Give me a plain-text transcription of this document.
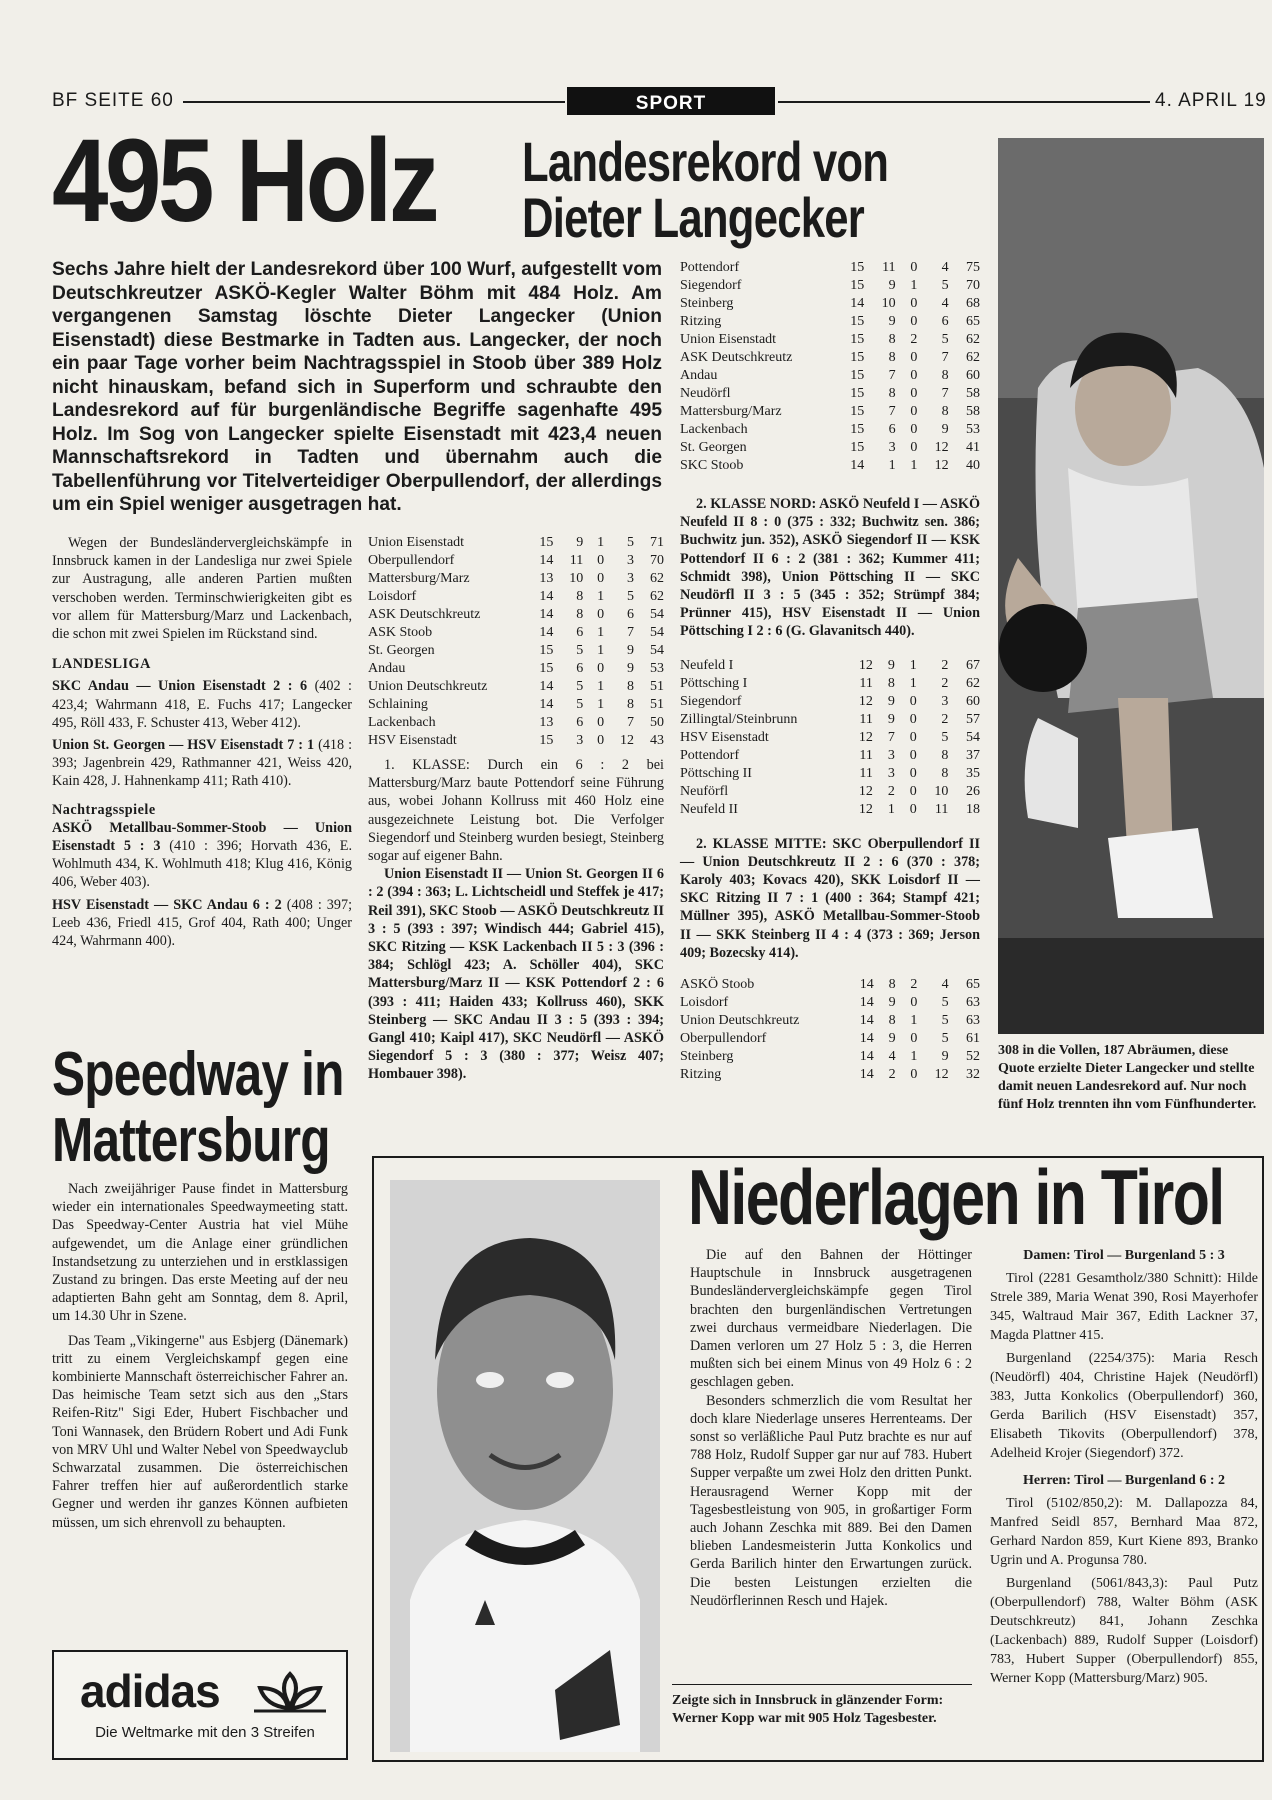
BF SEITE 60	SPORT	4. APRIL 19
495 Holz Landesrekord von
Dieter Langecker
Sechs Jahre hielt der Landesrekord über 100 Wurf, aufgestellt vom Deutschkreutzer ASKÖ-Kegler Walter Böhm mit 484 Holz. Am vergangenen Samstag löschte Dieter Langecker (Union Eisenstadt) diese Bestmarke in Tadten aus. Langecker, der noch ein paar Tage vorher beim Nachtragsspiel in Stoob über 389 Holz nicht hinauskam, befand sich in Superform und schraubte den Landesrekord auf für burgenländische Begriffe sagenhafte 495 Holz. Im Sog von Langecker spielte Eisenstadt mit 423,4 neuen Mannschaftsrekord in Tadten und übernahm auch die Tabellenführung vor Titelverteidiger Oberpullendorf, der allerdings um ein Spiel weniger ausgetragen hat.

Wegen der Bundesländervergleichskämpfe in Innsbruck kamen in der Landesliga nur zwei Spiele zur Austragung, alle anderen Partien mußten verschoben werden. Terminschwierigkeiten gibt es vor allem für Mattersburg/Marz und Lackenbach, die schon mit zwei Spielen im Rückstand sind.

LANDESLIGA

SKC Andau — Union Eisenstadt 2 : 6 (402 : 423,4; Wahrmann 418, E. Fuchs 417; Langecker 495, Röll 433, F. Schuster 413, Weber 412).

Union St. Georgen — HSV Eisenstadt 7 : 1 (418 : 393; Jagenbrein 429, Rathmanner 421, Weiss 420, Kain 428, J. Hahnenkamp 411; Rath 410).

Nachtragsspiele

ASKÖ Metallbau-Sommer-Stoob — Union Eisenstadt 5 : 3 (410 : 396; Horvath 436, E. Wohlmuth 434, K. Wohlmuth 418; Klug 416, König 406, Weber 403).

HSV Eisenstadt — SKC Andau 6 : 2 (408 : 397; Leeb 436, Friedl 415, Grof 404, Rath 400; Unger 424, Wahrmann 400).

Union Eisenstadt	15	9	1	5	71
Oberpullendorf	14	11	0	3	70
Mattersburg/Marz	13	10	0	3	62
Loisdorf	14	8	1	5	62
ASK Deutschkreutz	14	8	0	6	54
ASK Stoob	14	6	1	7	54
St. Georgen	15	5	1	9	54
Andau	15	6	0	9	53
Union Deutschkreutz	14	5	1	8	51
Schlaining	14	5	1	8	51
Lackenbach	13	6	0	7	50
HSV Eisenstadt	15	3	0	12	43

1. KLASSE: Durch ein 6 : 2 bei Mattersburg/Marz baute Pottendorf seine Führung aus, wobei Johann Kollruss mit 460 Holz eine ausgezeichnete Leistung bot. Die Verfolger Siegendorf und Steinberg wurden besiegt, Steinberg sogar auf eigener Bahn.

Union Eisenstadt II — Union St. Georgen II 6 : 2 (394 : 363; L. Lichtscheidl und Steffek je 417; Reil 391), SKC Stoob — ASKÖ Deutschkreutz II 3 : 5 (393 : 397; Windisch 444; Gabriel 415), SKC Ritzing — KSK Lackenbach II 5 : 3 (396 : 384; Schlögl 423; A. Schöller 404), SKC Mattersburg/Marz II — KSK Pottendorf 2 : 6 (393 : 411; Haiden 433; Kollruss 460), SKK Steinberg — SKC Andau II 3 : 5 (393 : 394; Gangl 410; Kaipl 417), SKC Neudörfl — ASKÖ Siegendorf 5 : 3 (380 : 377; Weisz 407; Hombauer 398).

Pottendorf	15	11	0	4	75
Siegendorf	15	9	1	5	70
Steinberg	14	10	0	4	68
Ritzing	15	9	0	6	65
Union Eisenstadt	15	8	2	5	62
ASK Deutschkreutz	15	8	0	7	62
Andau	15	7	0	8	60
Neudörfl	15	8	0	7	58
Mattersburg/Marz	15	7	0	8	58
Lackenbach	15	6	0	9	53
St. Georgen	15	3	0	12	41
SKC Stoob	14	1	1	12	40

2. KLASSE NORD: ASKÖ Neufeld I — ASKÖ Neufeld II 8 : 0 (375 : 332; Buchwitz sen. 386; Buchwitz jun. 352), ASKÖ Siegendorf II — KSK Pottendorf II 6 : 2 (381 : 362; Kummer 411; Schmidt 398), Union Pöttsching II — SKC Neudörfl II 3 : 5 (345 : 352; Strümpf 384; Prünner 415), HSV Eisenstadt II — Union Pöttsching I 2 : 6 (G. Glavanitsch 440).

Neufeld I	12	9	1	2	67
Pöttsching I	11	8	1	2	62
Siegendorf	12	9	0	3	60
Zillingtal/Steinbrunn	11	9	0	2	57
HSV Eisenstadt	12	7	0	5	54
Pottendorf	11	3	0	8	37
Pöttsching II	11	3	0	8	35
Neuförfl	12	2	0	10	26
Neufeld II	12	1	0	11	18

2. KLASSE MITTE: SKC Oberpullendorf II — Union Deutschkreutz II 2 : 6 (370 : 378; Karoly 403; Kovacs 420), SKK Loisdorf II — SKC Ritzing II 7 : 1 (400 : 364; Stampf 421; Müllner 395), ASKÖ Metallbau-Sommer-Stoob II — SKK Steinberg II 4 : 4 (373 : 369; Jerson 409; Bozecsky 414).

ASKÖ Stoob	14	8	2	4	65
Loisdorf	14	9	0	5	63
Union Deutschkreutz	14	8	1	5	63
Oberpullendorf	14	9	0	5	61
Steinberg	14	4	1	9	52
Ritzing	14	2	0	12	32
308 in die Vollen, 187 Abräumen, diese Quote erzielte Dieter Langecker und stellte damit neuen Landesrekord auf. Nur noch fünf Holz trennten ihn vom Fünfhunderter.
Speedway in
Mattersburg

Nach zweijähriger Pause findet in Mattersburg wieder ein internationales Speedwaymeeting statt. Das Speedway-Center Austria hat viel Mühe aufgewendet, um die Anlage einer gründlichen Instandsetzung zu unterziehen und in erstklassigen Zustand zu bringen. Das erste Meeting auf der neu adaptierten Bahn geht am Sonntag, dem 8. April, um 14.30 Uhr in Szene.

Das Team „Vikingerne" aus Esbjerg (Dänemark) tritt zu einem Vergleichskampf gegen eine kombinierte Mannschaft österreichischer Fahrer an. Das heimische Team setzt sich aus den „Stars Reifen-Ritz" Sigi Eder, Hubert Fischbacher und Toni Wannasek, den Brüdern Robert und Adi Funk von MRV Uhl und Walter Nebel von Speedwayclub Schwarzatal zusammen. Die österreichischen Fahrer treffen hier auf außerordentlich starke Gegner und werden ihr ganzes Können aufbieten müssen, um sich ehrenvoll zu behaupten.

adidas
Die Weltmarke mit den 3 Streifen
Zeigte sich in Innsbruck in glänzender Form: Werner Kopp war mit 905 Holz Tagesbester.
Niederlagen in Tirol

Die auf den Bahnen der Höttinger Hauptschule in Innsbruck ausgetragenen Bundesländervergleichskämpfe gegen Tirol brachten den burgenländischen Vertretungen zwei durchaus vermeidbare Niederlagen. Die Damen verloren um 27 Holz 5 : 3, die Herren mußten sich bei einem Minus von 49 Holz 6 : 2 geschlagen geben.

Besonders schmerzlich die vom Resultat her doch klare Niederlage unseres Herrenteams. Der sonst so verläßliche Paul Putz brachte es nur auf 788 Holz, Rudolf Supper gar nur auf 783. Hubert Supper verpaßte um zwei Holz den dritten Punkt. Herausragend Werner Kopp mit der Tagesbestleistung von 905, in großartiger Form auch Johann Zeschka mit 889. Bei den Damen blieben Landesmeisterin Jutta Konkolics und Gerda Barilich hinter den Erwartungen zurück. Die besten Leistungen erzielten die Neudörflerinnen Resch und Hajek.

Damen: Tirol — Burgenland 5 : 3

Tirol (2281 Gesamtholz/380 Schnitt): Hilde Strele 389, Maria Wenat 390, Rosi Mayerhofer 345, Waltraud Mair 367, Edith Lackner 37, Magda Plattner 415.

Burgenland (2254/375): Maria Resch (Neudörfl) 404, Christine Hajek (Neudörfl) 383, Jutta Konkolics (Oberpullendorf) 360, Gerda Barilich (HSV Eisenstadt) 357, Elisabeth Tikovits (Oberpullendorf) 378, Adelheid Krojer (Siegendorf) 372.

Herren: Tirol — Burgenland 6 : 2

Tirol (5102/850,2): M. Dallapozza 84, Manfred Seidl 857, Bernhard Maa 872, Gerhard Nardon 859, Kurt Kiene 893, Branko Ugrin und A. Progunsa 780.

Burgenland (5061/843,3): Paul Putz (Oberpullendorf) 788, Walter Böhm (ASK Deutschkreutz) 841, Johann Zeschka (Lackenbach) 889, Rudolf Supper (Loisdorf) 783, Hubert Supper (Oberpullendorf) 855, Werner Kopp (Mattersburg/Marz) 905.
